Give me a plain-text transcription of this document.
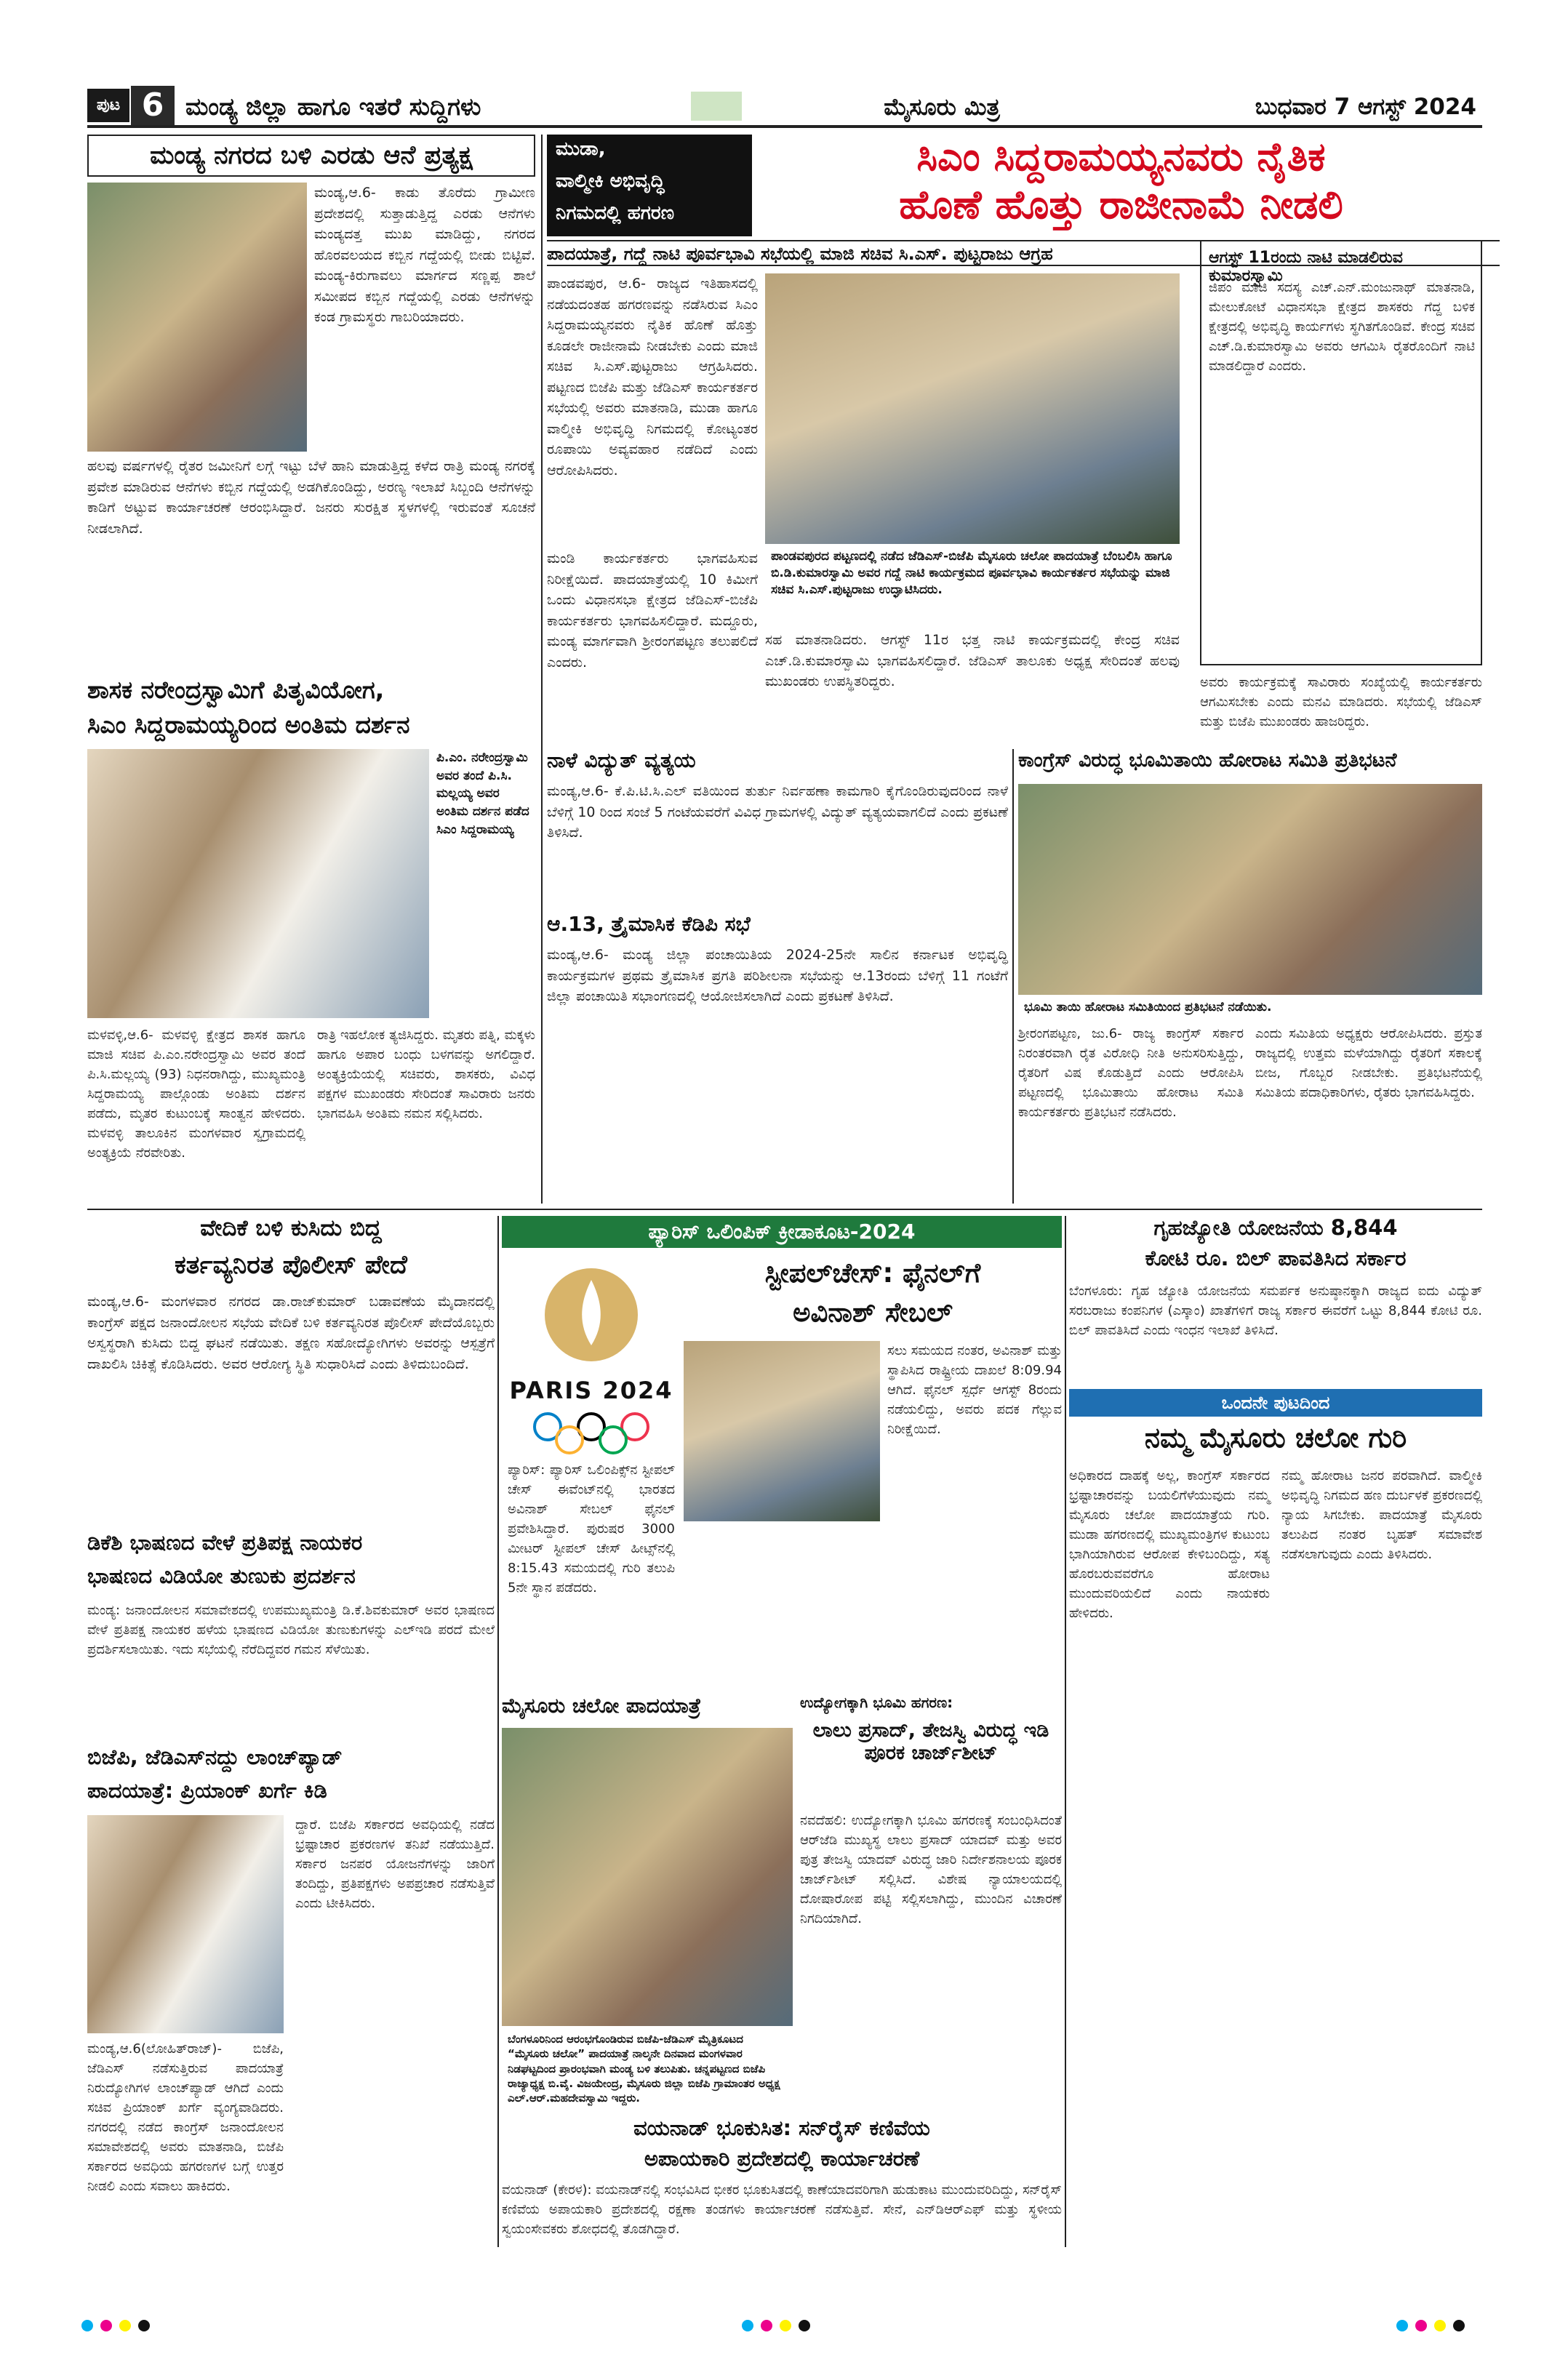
ಪುಟ 6 ಮಂಡ್ಯ ಜಿಲ್ಲಾ ಹಾಗೂ ಇತರೆ ಸುದ್ದಿಗಳು	ಮೈಸೂರು ಮಿತ್ರ	ಬುಧವಾರ 7 ಆಗಸ್ಟ್ 2024
ಮಂಡ್ಯ ನಗರದ ಬಳಿ ಎರಡು ಆನೆ ಪ್ರತ್ಯಕ್ಷ
ಮಂಡ್ಯ,ಆ.6- ಕಾಡು ತೊರೆದು ಗ್ರಾಮೀಣ ಪ್ರದೇಶದಲ್ಲಿ ಸುತ್ತಾಡುತ್ತಿದ್ದ ಎರಡು ಆನೆಗಳು ಮಂಡ್ಯದತ್ತ ಮುಖ ಮಾಡಿದ್ದು, ನಗರದ ಹೊರವಲಯದ ಕಬ್ಬಿನ ಗದ್ದೆಯಲ್ಲಿ ಬೀಡು ಬಿಟ್ಟಿವೆ. ಮಂಡ್ಯ-ಕಿರುಗಾವಲು ಮಾರ್ಗದ ಸಣ್ಣಪ್ಪ ಶಾಲೆ ಸಮೀಪದ ಕಬ್ಬಿನ ಗದ್ದೆಯಲ್ಲಿ ಎರಡು ಆನೆಗಳನ್ನು ಕಂಡ ಗ್ರಾಮಸ್ಥರು ಗಾಬರಿಯಾದರು.
ಹಲವು ವರ್ಷಗಳಲ್ಲಿ ರೈತರ ಜಮೀನಿಗೆ ಲಗ್ಗೆ ಇಟ್ಟು ಬೆಳೆ ಹಾನಿ ಮಾಡುತ್ತಿದ್ದ ಕಳೆದ ರಾತ್ರಿ ಮಂಡ್ಯ ನಗರಕ್ಕೆ ಪ್ರವೇಶ ಮಾಡಿರುವ ಆನೆಗಳು ಕಬ್ಬಿನ ಗದ್ದೆಯಲ್ಲಿ ಅಡಗಿಕೊಂಡಿದ್ದು, ಅರಣ್ಯ ಇಲಾಖೆ ಸಿಬ್ಬಂದಿ ಆನೆಗಳನ್ನು ಕಾಡಿಗೆ ಅಟ್ಟುವ ಕಾರ್ಯಾಚರಣೆ ಆರಂಭಿಸಿದ್ದಾರೆ. ಜನರು ಸುರಕ್ಷಿತ ಸ್ಥಳಗಳಲ್ಲಿ ಇರುವಂತೆ ಸೂಚನೆ ನೀಡಲಾಗಿದೆ.
ಮುಡಾ,
ವಾಲ್ಮೀಕಿ ಅಭಿವೃದ್ಧಿ
ನಿಗಮದಲ್ಲಿ ಹಗರಣ
ಸಿಎಂ ಸಿದ್ದರಾಮಯ್ಯನವರು ನೈತಿಕ
ಹೊಣೆ ಹೊತ್ತು ರಾಜೀನಾಮೆ ನೀಡಲಿ
ಪಾದಯಾತ್ರೆ, ಗದ್ದೆ ನಾಟಿ ಪೂರ್ವಭಾವಿ ಸಭೆಯಲ್ಲಿ ಮಾಜಿ ಸಚಿವ ಸಿ.ಎಸ್. ಪುಟ್ಟರಾಜು ಆಗ್ರಹ
ಪಾಂಡವಪುರ, ಆ.6- ರಾಜ್ಯದ ಇತಿಹಾಸದಲ್ಲಿ ನಡೆಯದಂತಹ ಹಗರಣವನ್ನು ನಡೆಸಿರುವ ಸಿಎಂ ಸಿದ್ದರಾಮಯ್ಯನವರು ನೈತಿಕ ಹೊಣೆ ಹೊತ್ತು ಕೂಡಲೇ ರಾಜೀನಾಮೆ ನೀಡಬೇಕು ಎಂದು ಮಾಜಿ ಸಚಿವ ಸಿ.ಎಸ್.ಪುಟ್ಟರಾಜು ಆಗ್ರಹಿಸಿದರು. ಪಟ್ಟಣದ ಬಿಜೆಪಿ ಮತ್ತು ಜೆಡಿಎಸ್ ಕಾರ್ಯಕರ್ತರ ಸಭೆಯಲ್ಲಿ ಅವರು ಮಾತನಾಡಿ, ಮುಡಾ ಹಾಗೂ ವಾಲ್ಮೀಕಿ ಅಭಿವೃದ್ಧಿ ನಿಗಮದಲ್ಲಿ ಕೋಟ್ಯಂತರ ರೂಪಾಯಿ ಅವ್ಯವಹಾರ ನಡೆದಿದೆ ಎಂದು ಆರೋಪಿಸಿದರು.
ಪಾಂಡವಪುರದ ಪಟ್ಟಣದಲ್ಲಿ ನಡೆದ ಜೆಡಿಎಸ್-ಬಿಜೆಪಿ ಮೈಸೂರು ಚಲೋ ಪಾದಯಾತ್ರೆ ಬೆಂಬಲಿಸಿ ಹಾಗೂ ಬಿ.ಡಿ.ಕುಮಾರಸ್ವಾಮಿ ಅವರ ಗದ್ದೆ ನಾಟಿ ಕಾರ್ಯಕ್ರಮದ ಪೂರ್ವಭಾವಿ ಕಾರ್ಯಕರ್ತರ ಸಭೆಯನ್ನು ಮಾಜಿ ಸಚಿವ ಸಿ.ಎಸ್.ಪುಟ್ಟರಾಜು ಉದ್ಘಾಟಿಸಿದರು.
ಮಂಡಿ ಕಾರ್ಯಕರ್ತರು ಭಾಗವಹಿಸುವ ನಿರೀಕ್ಷೆಯಿದೆ. ಪಾದಯಾತ್ರೆಯಲ್ಲಿ 10 ಕಿಮೀಗೆ ಒಂದು ವಿಧಾನಸಭಾ ಕ್ಷೇತ್ರದ ಜೆಡಿಎಸ್-ಬಿಜೆಪಿ ಕಾರ್ಯಕರ್ತರು ಭಾಗವಹಿಸಲಿದ್ದಾರೆ. ಮದ್ದೂರು, ಮಂಡ್ಯ ಮಾರ್ಗವಾಗಿ ಶ್ರೀರಂಗಪಟ್ಟಣ ತಲುಪಲಿದೆ ಎಂದರು.
ಸಹ ಮಾತನಾಡಿದರು. ಆಗಸ್ಟ್ 11ರ ಭತ್ತ ನಾಟಿ ಕಾರ್ಯಕ್ರಮದಲ್ಲಿ ಕೇಂದ್ರ ಸಚಿವ ಎಚ್.ಡಿ.ಕುಮಾರಸ್ವಾಮಿ ಭಾಗವಹಿಸಲಿದ್ದಾರೆ. ಜೆಡಿಎಸ್ ತಾಲೂಕು ಅಧ್ಯಕ್ಷ ಸೇರಿದಂತೆ ಹಲವು ಮುಖಂಡರು ಉಪಸ್ಥಿತರಿದ್ದರು.
ಆಗಸ್ಟ್ 11ರಂದು ನಾಟಿ ಮಾಡಲಿರುವ ಕುಮಾರಸ್ವಾಮಿ
ಜಿಪಂ ಮಾಜಿ ಸದಸ್ಯ ಎಚ್.ಎನ್.ಮಂಜುನಾಥ್ ಮಾತನಾಡಿ, ಮೇಲುಕೋಟೆ ವಿಧಾನಸಭಾ ಕ್ಷೇತ್ರದ ಶಾಸಕರು ಗೆದ್ದ ಬಳಿಕ ಕ್ಷೇತ್ರದಲ್ಲಿ ಅಭಿವೃದ್ಧಿ ಕಾರ್ಯಗಳು ಸ್ಥಗಿತಗೊಂಡಿವೆ. ಕೇಂದ್ರ ಸಚಿವ ಎಚ್.ಡಿ.ಕುಮಾರಸ್ವಾಮಿ ಅವರು ಆಗಮಿಸಿ ರೈತರೊಂದಿಗೆ ನಾಟಿ ಮಾಡಲಿದ್ದಾರೆ ಎಂದರು.
ಅವರು ಕಾರ್ಯಕ್ರಮಕ್ಕೆ ಸಾವಿರಾರು ಸಂಖ್ಯೆಯಲ್ಲಿ ಕಾರ್ಯಕರ್ತರು ಆಗಮಿಸಬೇಕು ಎಂದು ಮನವಿ ಮಾಡಿದರು. ಸಭೆಯಲ್ಲಿ ಜೆಡಿಎಸ್ ಮತ್ತು ಬಿಜೆಪಿ ಮುಖಂಡರು ಹಾಜರಿದ್ದರು.
ಶಾಸಕ ನರೇಂದ್ರಸ್ವಾಮಿಗೆ ಪಿತೃವಿಯೋಗ,
ಸಿಎಂ ಸಿದ್ದರಾಮಯ್ಯರಿಂದ ಅಂತಿಮ ದರ್ಶನ
ಪಿ.ಎಂ. ನರೇಂದ್ರಸ್ವಾಮಿ ಅವರ ತಂದೆ ಪಿ.ಸಿ. ಮಲ್ಲಯ್ಯ ಅವರ ಅಂತಿಮ ದರ್ಶನ ಪಡೆದ ಸಿಎಂ ಸಿದ್ದರಾಮಯ್ಯ
ಮಳವಳ್ಳಿ,ಆ.6- ಮಳವಳ್ಳಿ ಕ್ಷೇತ್ರದ ಶಾಸಕ ಹಾಗೂ ಮಾಜಿ ಸಚಿವ ಪಿ.ಎಂ.ನರೇಂದ್ರಸ್ವಾಮಿ ಅವರ ತಂದೆ ಪಿ.ಸಿ.ಮಲ್ಲಯ್ಯ (93) ನಿಧನರಾಗಿದ್ದು, ಮುಖ್ಯಮಂತ್ರಿ ಸಿದ್ದರಾಮಯ್ಯ ಪಾಲ್ಗೊಂಡು ಅಂತಿಮ ದರ್ಶನ ಪಡೆದು, ಮೃತರ ಕುಟುಂಬಕ್ಕೆ ಸಾಂತ್ವನ ಹೇಳಿದರು. ಮಳವಳ್ಳಿ ತಾಲೂಕಿನ ಮಂಗಳವಾರ ಸ್ವಗ್ರಾಮದಲ್ಲಿ ಅಂತ್ಯಕ್ರಿಯೆ ನೆರವೇರಿತು.
ರಾತ್ರಿ ಇಹಲೋಕ ತ್ಯಜಿಸಿದ್ದರು. ಮೃತರು ಪತ್ನಿ, ಮಕ್ಕಳು ಹಾಗೂ ಅಪಾರ ಬಂಧು ಬಳಗವನ್ನು ಅಗಲಿದ್ದಾರೆ. ಅಂತ್ಯಕ್ರಿಯೆಯಲ್ಲಿ ಸಚಿವರು, ಶಾಸಕರು, ವಿವಿಧ ಪಕ್ಷಗಳ ಮುಖಂಡರು ಸೇರಿದಂತೆ ಸಾವಿರಾರು ಜನರು ಭಾಗವಹಿಸಿ ಅಂತಿಮ ನಮನ ಸಲ್ಲಿಸಿದರು.
ನಾಳೆ ವಿದ್ಯುತ್ ವ್ಯತ್ಯಯ
ಮಂಡ್ಯ,ಆ.6- ಕೆ.ಪಿ.ಟಿ.ಸಿ.ಎಲ್ ವತಿಯಿಂದ ತುರ್ತು ನಿರ್ವಹಣಾ ಕಾಮಗಾರಿ ಕೈಗೊಂಡಿರುವುದರಿಂದ ನಾಳೆ ಬೆಳಿಗ್ಗೆ 10 ರಿಂದ ಸಂಜೆ 5 ಗಂಟೆಯವರೆಗೆ ವಿವಿಧ ಗ್ರಾಮಗಳಲ್ಲಿ ವಿದ್ಯುತ್ ವ್ಯತ್ಯಯವಾಗಲಿದೆ ಎಂದು ಪ್ರಕಟಣೆ ತಿಳಿಸಿದೆ.
ಆ.13, ತ್ರೈಮಾಸಿಕ ಕೆಡಿಪಿ ಸಭೆ
ಮಂಡ್ಯ,ಆ.6- ಮಂಡ್ಯ ಜಿಲ್ಲಾ ಪಂಚಾಯಿತಿಯ 2024-25ನೇ ಸಾಲಿನ ಕರ್ನಾಟಕ ಅಭಿವೃದ್ಧಿ ಕಾರ್ಯಕ್ರಮಗಳ ಪ್ರಥಮ ತ್ರೈಮಾಸಿಕ ಪ್ರಗತಿ ಪರಿಶೀಲನಾ ಸಭೆಯನ್ನು ಆ.13ರಂದು ಬೆಳಿಗ್ಗೆ 11 ಗಂಟೆಗೆ ಜಿಲ್ಲಾ ಪಂಚಾಯಿತಿ ಸಭಾಂಗಣದಲ್ಲಿ ಆಯೋಜಿಸಲಾಗಿದೆ ಎಂದು ಪ್ರಕಟಣೆ ತಿಳಿಸಿದೆ.
ಕಾಂಗ್ರೆಸ್ ವಿರುದ್ಧ ಭೂಮಿತಾಯಿ ಹೋರಾಟ ಸಮಿತಿ ಪ್ರತಿಭಟನೆ
ಭೂಮಿ ತಾಯಿ ಹೋರಾಟ ಸಮಿತಿಯಿಂದ ಪ್ರತಿಭಟನೆ ನಡೆಯಿತು.
ಶ್ರೀರಂಗಪಟ್ಟಣ, ಜು.6- ರಾಜ್ಯ ಕಾಂಗ್ರೆಸ್ ಸರ್ಕಾರ ನಿರಂತರವಾಗಿ ರೈತ ವಿರೋಧಿ ನೀತಿ ಅನುಸರಿಸುತ್ತಿದ್ದು, ರೈತರಿಗೆ ವಿಷ ಕೊಡುತ್ತಿದೆ ಎಂದು ಆರೋಪಿಸಿ ಪಟ್ಟಣದಲ್ಲಿ ಭೂಮಿತಾಯಿ ಹೋರಾಟ ಸಮಿತಿ ಕಾರ್ಯಕರ್ತರು ಪ್ರತಿಭಟನೆ ನಡೆಸಿದರು.
ಎಂದು ಸಮಿತಿಯ ಅಧ್ಯಕ್ಷರು ಆರೋಪಿಸಿದರು. ಪ್ರಸ್ತುತ ರಾಜ್ಯದಲ್ಲಿ ಉತ್ತಮ ಮಳೆಯಾಗಿದ್ದು ರೈತರಿಗೆ ಸಕಾಲಕ್ಕೆ ಬೀಜ, ಗೊಬ್ಬರ ನೀಡಬೇಕು. ಪ್ರತಿಭಟನೆಯಲ್ಲಿ ಸಮಿತಿಯ ಪದಾಧಿಕಾರಿಗಳು, ರೈತರು ಭಾಗವಹಿಸಿದ್ದರು.
ವೇದಿಕೆ ಬಳಿ ಕುಸಿದು ಬಿದ್ದ
ಕರ್ತವ್ಯನಿರತ ಪೊಲೀಸ್ ಪೇದೆ
ಮಂಡ್ಯ,ಆ.6- ಮಂಗಳವಾರ ನಗರದ ಡಾ.ರಾಜ್‌ಕುಮಾರ್ ಬಡಾವಣೆಯ ಮೈದಾನದಲ್ಲಿ ಕಾಂಗ್ರೆಸ್ ಪಕ್ಷದ ಜನಾಂದೋಲನ ಸಭೆಯ ವೇದಿಕೆ ಬಳಿ ಕರ್ತವ್ಯನಿರತ ಪೊಲೀಸ್ ಪೇದೆಯೊಬ್ಬರು ಅಸ್ವಸ್ಥರಾಗಿ ಕುಸಿದು ಬಿದ್ದ ಘಟನೆ ನಡೆಯಿತು. ತಕ್ಷಣ ಸಹೋದ್ಯೋಗಿಗಳು ಅವರನ್ನು ಆಸ್ಪತ್ರೆಗೆ ದಾಖಲಿಸಿ ಚಿಕಿತ್ಸೆ ಕೊಡಿಸಿದರು. ಅವರ ಆರೋಗ್ಯ ಸ್ಥಿತಿ ಸುಧಾರಿಸಿದೆ ಎಂದು ತಿಳಿದುಬಂದಿದೆ.
ಡಿಕೆಶಿ ಭಾಷಣದ ವೇಳೆ ಪ್ರತಿಪಕ್ಷ ನಾಯಕರ
ಭಾಷಣದ ವಿಡಿಯೋ ತುಣುಕು ಪ್ರದರ್ಶನ
ಮಂಡ್ಯ: ಜನಾಂದೋಲನ ಸಮಾವೇಶದಲ್ಲಿ ಉಪಮುಖ್ಯಮಂತ್ರಿ ಡಿ.ಕೆ.ಶಿವಕುಮಾರ್ ಅವರ ಭಾಷಣದ ವೇಳೆ ಪ್ರತಿಪಕ್ಷ ನಾಯಕರ ಹಳೆಯ ಭಾಷಣದ ವಿಡಿಯೋ ತುಣುಕುಗಳನ್ನು ಎಲ್‌ಇಡಿ ಪರದೆ ಮೇಲೆ ಪ್ರದರ್ಶಿಸಲಾಯಿತು. ಇದು ಸಭೆಯಲ್ಲಿ ನೆರೆದಿದ್ದವರ ಗಮನ ಸೆಳೆಯಿತು.
ಬಿಜೆಪಿ, ಜೆಡಿಎಸ್‌ನದ್ದು ಲಾಂಚ್‌ಪ್ಯಾಡ್
ಪಾದಯಾತ್ರೆ: ಪ್ರಿಯಾಂಕ್ ಖರ್ಗೆ ಕಿಡಿ
ಮಂಡ್ಯ,ಆ.6(ಲೋಹಿತ್‌ರಾಜ್)- ಬಿಜೆಪಿ, ಜೆಡಿಎಸ್ ನಡೆಸುತ್ತಿರುವ ಪಾದಯಾತ್ರೆ ನಿರುದ್ಯೋಗಿಗಳ ಲಾಂಚ್‌ಪ್ಯಾಡ್ ಆಗಿದೆ ಎಂದು ಸಚಿವ ಪ್ರಿಯಾಂಕ್ ಖರ್ಗೆ ವ್ಯಂಗ್ಯವಾಡಿದರು. ನಗರದಲ್ಲಿ ನಡೆದ ಕಾಂಗ್ರೆಸ್ ಜನಾಂದೋಲನ ಸಮಾವೇಶದಲ್ಲಿ ಅವರು ಮಾತನಾಡಿ, ಬಿಜೆಪಿ ಸರ್ಕಾರದ ಅವಧಿಯ ಹಗರಣಗಳ ಬಗ್ಗೆ ಉತ್ತರ ನೀಡಲಿ ಎಂದು ಸವಾಲು ಹಾಕಿದರು.
ದ್ದಾರೆ. ಬಿಜೆಪಿ ಸರ್ಕಾರದ ಅವಧಿಯಲ್ಲಿ ನಡೆದ ಭ್ರಷ್ಟಾಚಾರ ಪ್ರಕರಣಗಳ ತನಿಖೆ ನಡೆಯುತ್ತಿದೆ. ಸರ್ಕಾರ ಜನಪರ ಯೋಜನೆಗಳನ್ನು ಜಾರಿಗೆ ತಂದಿದ್ದು, ಪ್ರತಿಪಕ್ಷಗಳು ಅಪಪ್ರಚಾರ ನಡೆಸುತ್ತಿವೆ ಎಂದು ಟೀಕಿಸಿದರು.
ಪ್ಯಾರಿಸ್ ಒಲಿಂಪಿಕ್ ಕ್ರೀಡಾಕೂಟ-2024
PARIS 2024
ಸ್ಟೀಪಲ್‌ಚೇಸ್: ಫೈನಲ್‌ಗೆ
ಅವಿನಾಶ್ ಸೇಬಲ್
ಪ್ಯಾರಿಸ್: ಪ್ಯಾರಿಸ್ ಒಲಿಂಪಿಕ್ಸ್‌ನ ಸ್ಟೀಪಲ್ ಚೇಸ್ ಈವೆಂಟ್‌ನಲ್ಲಿ ಭಾರತದ ಅವಿನಾಶ್ ಸೇಬಲ್ ಫೈನಲ್ ಪ್ರವೇಶಿಸಿದ್ದಾರೆ. ಪುರುಷರ 3000 ಮೀಟರ್ ಸ್ಟೀಪಲ್ ಚೇಸ್ ಹೀಟ್ಸ್‌ನಲ್ಲಿ 8:15.43 ಸಮಯದಲ್ಲಿ ಗುರಿ ತಲುಪಿ 5ನೇ ಸ್ಥಾನ ಪಡೆದರು.
ಸಲು ಸಮಯದ ನಂತರ, ಅವಿನಾಶ್ ಮತ್ತು ಸ್ಥಾಪಿಸಿದ ರಾಷ್ಟ್ರೀಯ ದಾಖಲೆ 8:09.94 ಆಗಿದೆ. ಫೈನಲ್ ಸ್ಪರ್ಧೆ ಆಗಸ್ಟ್ 8ರಂದು ನಡೆಯಲಿದ್ದು, ಅವರು ಪದಕ ಗೆಲ್ಲುವ ನಿರೀಕ್ಷೆಯಿದೆ.
ಮೈಸೂರು ಚಲೋ ಪಾದಯಾತ್ರೆ
ಬೆಂಗಳೂರಿನಿಂದ ಆರಂಭಗೊಂಡಿರುವ ಬಿಜೆಪಿ-ಜೆಡಿಎಸ್ ಮೈತ್ರಿಕೂಟದ “ಮೈಸೂರು ಚಲೋ” ಪಾದಯಾತ್ರೆ ನಾಲ್ಕನೇ ದಿನವಾದ ಮಂಗಳವಾರ ನಿಡಘಟ್ಟದಿಂದ ಪ್ರಾರಂಭವಾಗಿ ಮಂಡ್ಯ ಬಳಿ ತಲುಪಿತು. ಚನ್ನಪಟ್ಟಣದ ಬಿಜೆಪಿ ರಾಜ್ಯಾಧ್ಯಕ್ಷ ಬಿ.ವೈ. ವಿಜಯೇಂದ್ರ, ಮೈಸೂರು ಜಿಲ್ಲಾ ಬಿಜೆಪಿ ಗ್ರಾಮಾಂತರ ಅಧ್ಯಕ್ಷ ಎಲ್.ಆರ್.ಮಹದೇವಸ್ವಾಮಿ ಇದ್ದರು.
ಉದ್ಯೋಗಕ್ಕಾಗಿ ಭೂಮಿ ಹಗರಣ:
ಲಾಲು ಪ್ರಸಾದ್, ತೇಜಸ್ವಿ ವಿರುದ್ಧ ಇಡಿ ಪೂರಕ ಚಾರ್ಜ್‌ಶೀಟ್
ನವದೆಹಲಿ: ಉದ್ಯೋಗಕ್ಕಾಗಿ ಭೂಮಿ ಹಗರಣಕ್ಕೆ ಸಂಬಂಧಿಸಿದಂತೆ ಆರ್‌ಜೆಡಿ ಮುಖ್ಯಸ್ಥ ಲಾಲು ಪ್ರಸಾದ್ ಯಾದವ್ ಮತ್ತು ಅವರ ಪುತ್ರ ತೇಜಸ್ವಿ ಯಾದವ್ ವಿರುದ್ಧ ಜಾರಿ ನಿರ್ದೇಶನಾಲಯ ಪೂರಕ ಚಾರ್ಜ್‌ಶೀಟ್ ಸಲ್ಲಿಸಿದೆ. ವಿಶೇಷ ನ್ಯಾಯಾಲಯದಲ್ಲಿ ದೋಷಾರೋಪ ಪಟ್ಟಿ ಸಲ್ಲಿಸಲಾಗಿದ್ದು, ಮುಂದಿನ ವಿಚಾರಣೆ ನಿಗದಿಯಾಗಿದೆ.
ವಯನಾಡ್ ಭೂಕುಸಿತ: ಸನ್‌ರೈಸ್ ಕಣಿವೆಯ
ಅಪಾಯಕಾರಿ ಪ್ರದೇಶದಲ್ಲಿ ಕಾರ್ಯಾಚರಣೆ
ವಯನಾಡ್ (ಕೇರಳ): ವಯನಾಡ್‌ನಲ್ಲಿ ಸಂಭವಿಸಿದ ಭೀಕರ ಭೂಕುಸಿತದಲ್ಲಿ ಕಾಣೆಯಾದವರಿಗಾಗಿ ಹುಡುಕಾಟ ಮುಂದುವರಿದಿದ್ದು, ಸನ್‌ರೈಸ್ ಕಣಿವೆಯ ಅಪಾಯಕಾರಿ ಪ್ರದೇಶದಲ್ಲಿ ರಕ್ಷಣಾ ತಂಡಗಳು ಕಾರ್ಯಾಚರಣೆ ನಡೆಸುತ್ತಿವೆ. ಸೇನೆ, ಎನ್‌ಡಿಆರ್‌ಎಫ್ ಮತ್ತು ಸ್ಥಳೀಯ ಸ್ವಯಂಸೇವಕರು ಶೋಧದಲ್ಲಿ ತೊಡಗಿದ್ದಾರೆ.
ಗೃಹಜ್ಯೋತಿ ಯೋಜನೆಯ 8,844
ಕೋಟಿ ರೂ. ಬಿಲ್ ಪಾವತಿಸಿದ ಸರ್ಕಾರ
ಬೆಂಗಳೂರು: ಗೃಹ ಜ್ಯೋತಿ ಯೋಜನೆಯ ಸಮರ್ಪಕ ಅನುಷ್ಠಾನಕ್ಕಾಗಿ ರಾಜ್ಯದ ಐದು ವಿದ್ಯುತ್ ಸರಬರಾಜು ಕಂಪನಿಗಳ (ಎಸ್ಕಾಂ) ಖಾತೆಗಳಿಗೆ ರಾಜ್ಯ ಸರ್ಕಾರ ಈವರೆಗೆ ಒಟ್ಟು 8,844 ಕೋಟಿ ರೂ. ಬಿಲ್ ಪಾವತಿಸಿದೆ ಎಂದು ಇಂಧನ ಇಲಾಖೆ ತಿಳಿಸಿದೆ.
ಒಂದನೇ ಪುಟದಿಂದ
ನಮ್ಮ ಮೈಸೂರು ಚಲೋ ಗುರಿ
ಅಧಿಕಾರದ ದಾಹಕ್ಕೆ ಅಲ್ಲ, ಕಾಂಗ್ರೆಸ್ ಸರ್ಕಾರದ ಭ್ರಷ್ಟಾಚಾರವನ್ನು ಬಯಲಿಗೆಳೆಯುವುದು ನಮ್ಮ ಮೈಸೂರು ಚಲೋ ಪಾದಯಾತ್ರೆಯ ಗುರಿ. ಮುಡಾ ಹಗರಣದಲ್ಲಿ ಮುಖ್ಯಮಂತ್ರಿಗಳ ಕುಟುಂಬ ಭಾಗಿಯಾಗಿರುವ ಆರೋಪ ಕೇಳಿಬಂದಿದ್ದು, ಸತ್ಯ ಹೊರಬರುವವರೆಗೂ ಹೋರಾಟ ಮುಂದುವರಿಯಲಿದೆ ಎಂದು ನಾಯಕರು ಹೇಳಿದರು.
ನಮ್ಮ ಹೋರಾಟ ಜನರ ಪರವಾಗಿದೆ. ವಾಲ್ಮೀಕಿ ಅಭಿವೃದ್ಧಿ ನಿಗಮದ ಹಣ ದುರ್ಬಳಕೆ ಪ್ರಕರಣದಲ್ಲಿ ನ್ಯಾಯ ಸಿಗಬೇಕು. ಪಾದಯಾತ್ರೆ ಮೈಸೂರು ತಲುಪಿದ ನಂತರ ಬೃಹತ್ ಸಮಾವೇಶ ನಡೆಸಲಾಗುವುದು ಎಂದು ತಿಳಿಸಿದರು.
